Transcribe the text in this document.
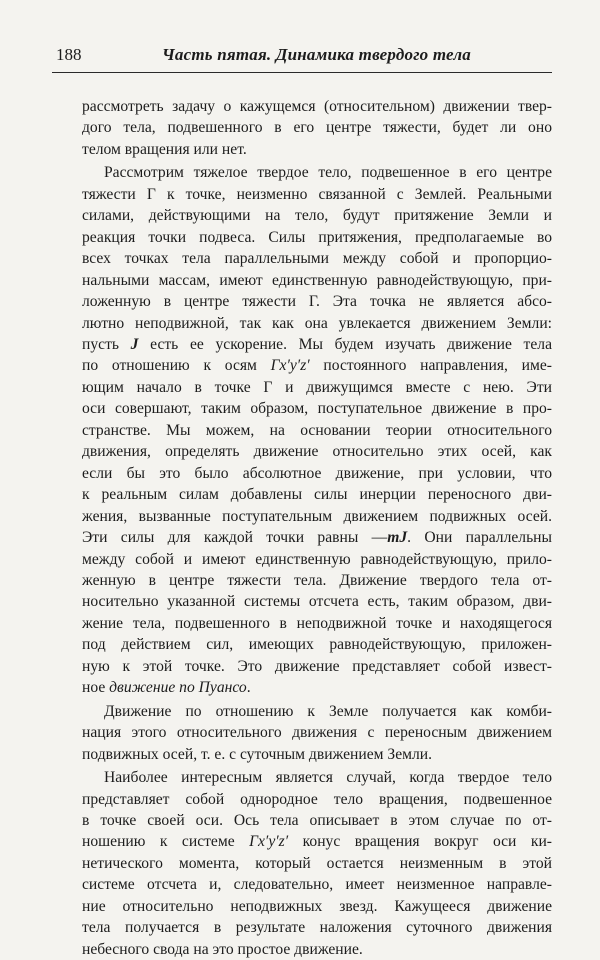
188	Часть пятая. Динамика твердого тела

рассмотреть задачу о кажущемся (относительном) движении твер-
дого тела, подвешенного в его центре тяжести, будет ли оно
телом вращения или нет.

Рассмотрим тяжелое твердое тело, подвешенное в его центре
тяжести Γ к точке, неизменно связанной с Землей. Реальными
силами, действующими на тело, будут притяжение Земли и
реакция точки подвеса. Силы притяжения, предполагаемые во
всех точках тела параллельными между собой и пропорцио-
нальными массам, имеют единственную равнодействующую, при-
ложенную в центре тяжести Γ. Эта точка не является абсо-
лютно неподвижной, так как она увлекается движением Земли:
пусть J есть ее ускорение. Мы будем изучать движение тела
по отношению к осям Γx′y′z′ постоянного направления, име-
ющим начало в точке Γ и движущимся вместе с нею. Эти
оси совершают, таким образом, поступательное движение в про-
странстве. Мы можем, на основании теории относительного
движения, определять движение относительно этих осей, как
если бы это было абсолютное движение, при условии, что
к реальным силам добавлены силы инерции переносного дви-
жения, вызванные поступательным движением подвижных осей.
Эти силы для каждой точки равны —mJ. Они параллельны
между собой и имеют единственную равнодействующую, прило-
женную в центре тяжести тела. Движение твердого тела от-
носительно указанной системы отсчета есть, таким образом, дви-
жение тела, подвешенного в неподвижной точке и находящегося
под действием сил, имеющих равнодействующую, приложен-
ную к этой точке. Это движение представляет собой извест-
ное движение по Пуансо.

Движение по отношению к Земле получается как комби-
нация этого относительного движения с переносным движением
подвижных осей, т. е. с суточным движением Земли.

Наиболее интересным является случай, когда твердое тело
представляет собой однородное тело вращения, подвешенное
в точке своей оси. Ось тела описывает в этом случае по от-
ношению к системе Γx′y′z′ конус вращения вокруг оси ки-
нетического момента, который остается неизменным в этой
системе отсчета и, следовательно, имеет неизменное направле-
ние относительно неподвижных звезд. Кажущееся движение
тела получается в результате наложения суточного движения
небесного свода на это простое движение.
